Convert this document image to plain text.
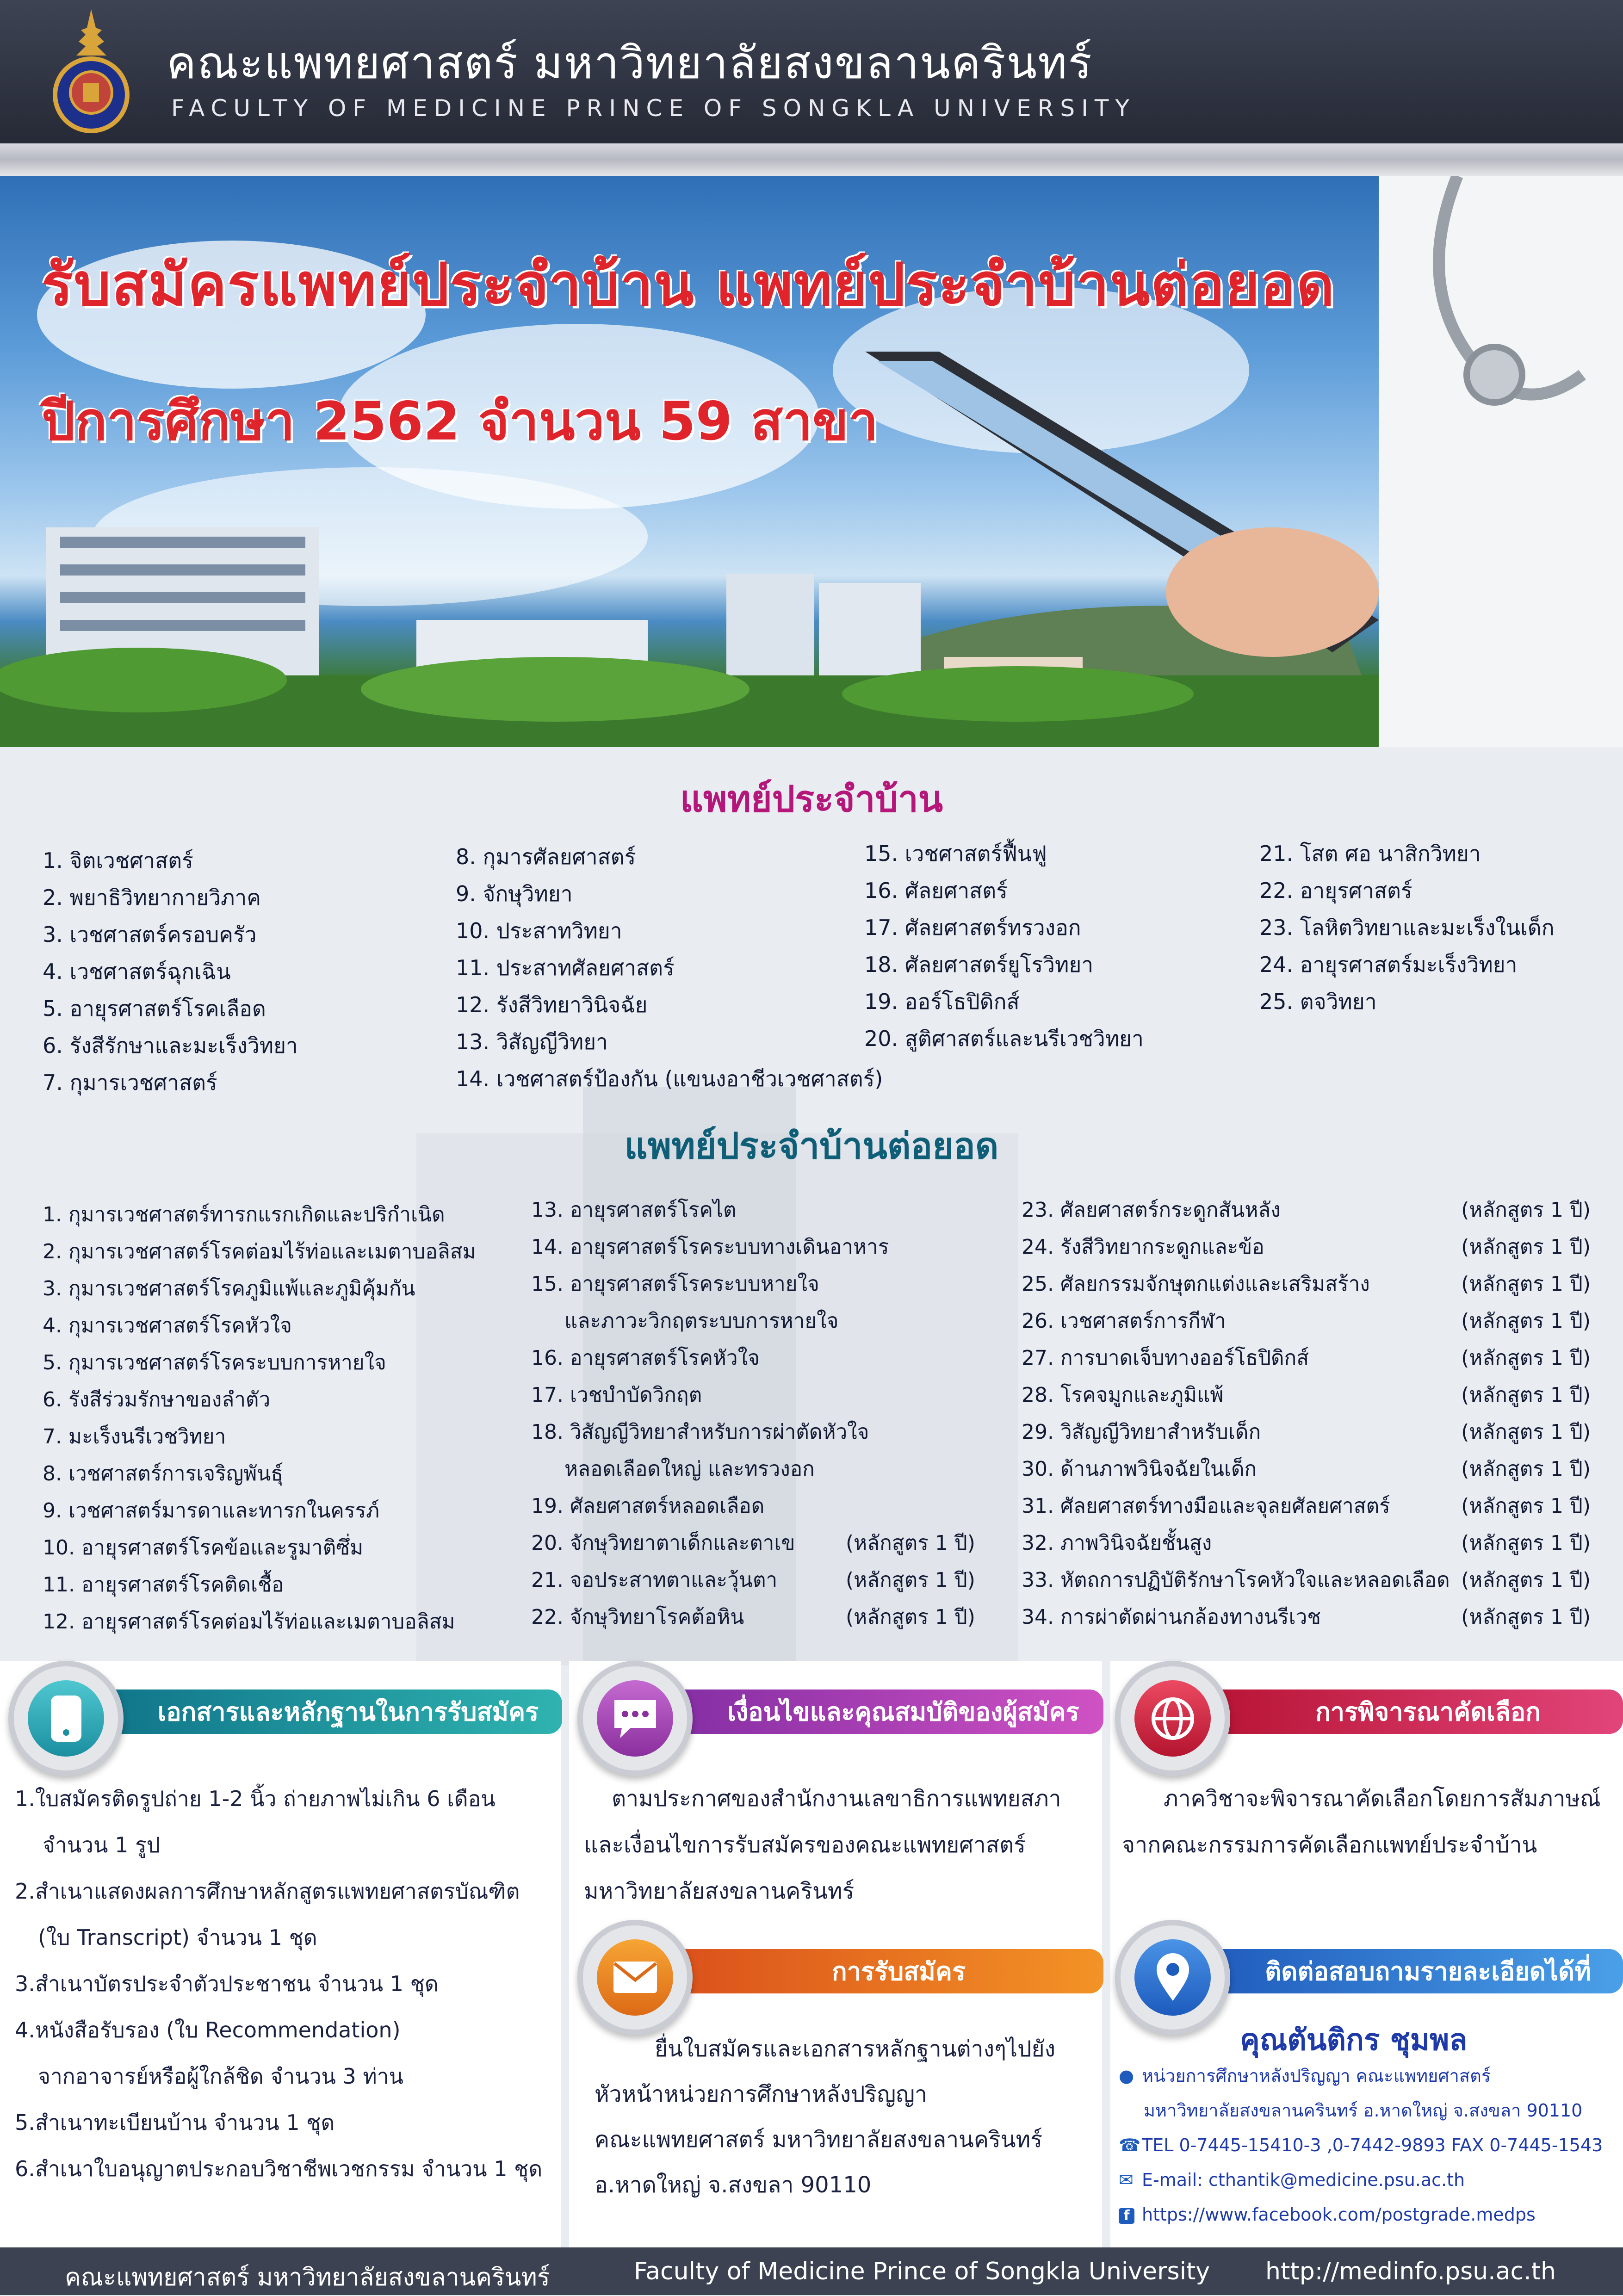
คณะแพทยศาสตร์ มหาวิทยาลัยสงขลานครินทร์
FACULTY OF MEDICINE PRINCE OF SONGKLA UNIVERSITY
รับสมัครแพทย์ประจำบ้าน แพทย์ประจำบ้านต่อยอด
ปีการศึกษา 2562 จำนวน 59 สาขา
แพทย์ประจำบ้าน
1. จิตเวชศาสตร์
2. พยาธิวิทยากายวิภาค
3. เวชศาสตร์ครอบครัว
4. เวชศาสตร์ฉุกเฉิน
5. อายุรศาสตร์โรคเลือด
6. รังสีรักษาและมะเร็งวิทยา
7. กุมารเวชศาสตร์
8. กุมารศัลยศาสตร์
9. จักษุวิทยา
10. ประสาทวิทยา
11. ประสาทศัลยศาสตร์
12. รังสีวิทยาวินิจฉัย
13. วิสัญญีวิทยา
14. เวชศาสตร์ป้องกัน (แขนงอาชีวเวชศาสตร์)
15. เวชศาสตร์ฟื้นฟู
16. ศัลยศาสตร์
17. ศัลยศาสตร์ทรวงอก
18. ศัลยศาสตร์ยูโรวิทยา
19. ออร์โธปิดิกส์
20. สูติศาสตร์และนรีเวชวิทยา
21. โสต ศอ นาสิกวิทยา
22. อายุรศาสตร์
23. โลหิตวิทยาและมะเร็งในเด็ก
24. อายุรศาสตร์มะเร็งวิทยา
25. ตจวิทยา
แพทย์ประจำบ้านต่อยอด
1. กุมารเวชศาสตร์ทารกแรกเกิดและปริกำเนิด
2. กุมารเวชศาสตร์โรคต่อมไร้ท่อและเมตาบอลิสม
3. กุมารเวชศาสตร์โรคภูมิแพ้และภูมิคุ้มกัน
4. กุมารเวชศาสตร์โรคหัวใจ
5. กุมารเวชศาสตร์โรคระบบการหายใจ
6. รังสีร่วมรักษาของลำตัว
7. มะเร็งนรีเวชวิทยา
8. เวชศาสตร์การเจริญพันธุ์
9. เวชศาสตร์มารดาและทารกในครรภ์
10. อายุรศาสตร์โรคข้อและรูมาติซึ่ม
11. อายุรศาสตร์โรคติดเชื้อ
12. อายุรศาสตร์โรคต่อมไร้ท่อและเมตาบอลิสม
13. อายุรศาสตร์โรคไต
14. อายุรศาสตร์โรคระบบทางเดินอาหาร
15. อายุรศาสตร์โรคระบบหายใจ
และภาวะวิกฤตระบบการหายใจ
16. อายุรศาสตร์โรคหัวใจ
17. เวชบำบัดวิกฤต
18. วิสัญญีวิทยาสำหรับการผ่าตัดหัวใจ
หลอดเลือดใหญ่ และทรวงอก
19. ศัลยศาสตร์หลอดเลือด
20. จักษุวิทยาตาเด็กและตาเข (หลักสูตร 1 ปี)
21. จอประสาทตาและวุ้นตา	(หลักสูตร 1 ปี)
22. จักษุวิทยาโรคต้อหิน	(หลักสูตร 1 ปี)
23. ศัลยศาสตร์กระดูกสันหลัง	(หลักสูตร 1 ปี)
24. รังสีวิทยากระดูกและข้อ	(หลักสูตร 1 ปี)
25. ศัลยกรรมจักษุตกแต่งและเสริมสร้าง	(หลักสูตร 1 ปี)
26. เวชศาสตร์การกีฬา	(หลักสูตร 1 ปี)
27. การบาดเจ็บทางออร์โธปิดิกส์	(หลักสูตร 1 ปี)
28. โรคจมูกและภูมิแพ้	(หลักสูตร 1 ปี)
29. วิสัญญีวิทยาสำหรับเด็ก	(หลักสูตร 1 ปี)
30. ด้านภาพวินิจฉัยในเด็ก	(หลักสูตร 1 ปี)
31. ศัลยศาสตร์ทางมือและจุลยศัลยศาสตร์	(หลักสูตร 1 ปี)
32. ภาพวินิจฉัยชั้นสูง	(หลักสูตร 1 ปี)
33. หัตถการปฏิบัติรักษาโรคหัวใจและหลอดเลือด (หลักสูตร 1 ปี)
34. การผ่าตัดผ่านกล้องทางนรีเวช	(หลักสูตร 1 ปี)
เอกสารและหลักฐานในการรับสมัคร
1.ใบสมัครติดรูปถ่าย 1-2 นิ้ว ถ่ายภาพไม่เกิน 6 เดือน
จำนวน 1 รูป
2.สำเนาแสดงผลการศึกษาหลักสูตรแพทยศาสตรบัณฑิต
(ใบ Transcript) จำนวน 1 ชุด
3.สำเนาบัตรประจำตัวประชาชน จำนวน 1 ชุด
4.หนังสือรับรอง (ใบ Recommendation)
จากอาจารย์หรือผู้ใกล้ชิด จำนวน 3 ท่าน
5.สำเนาทะเบียนบ้าน จำนวน 1 ชุด
6.สำเนาใบอนุญาตประกอบวิชาชีพเวชกรรม จำนวน 1 ชุด
เงื่อนไขและคุณสมบัติของผู้สมัคร
ตามประกาศของสำนักงานเลขาธิการแพทยสภา
และเงื่อนไขการรับสมัครของคณะแพทยศาสตร์
มหาวิทยาลัยสงขลานครินทร์
การพิจารณาคัดเลือก
ภาควิชาจะพิจารณาคัดเลือกโดยการสัมภาษณ์
จากคณะกรรมการคัดเลือกแพทย์ประจำบ้าน
การรับสมัคร
ยื่นใบสมัครและเอกสารหลักฐานต่างๆไปยัง
หัวหน้าหน่วยการศึกษาหลังปริญญา
คณะแพทยศาสตร์ มหาวิทยาลัยสงขลานครินทร์
อ.หาดใหญ่ จ.สงขลา 90110
ติดต่อสอบถามรายละเอียดได้ที่
คุณตันติกร ชุมพล
● หน่วยการศึกษาหลังปริญญา คณะแพทยศาสตร์
มหาวิทยาลัยสงขลานครินทร์ อ.หาดใหญ่ จ.สงขลา 90110
☎TEL 0-7445-15410-3 ,0-7442-9893 FAX 0-7445-1543
✉ E-mail: cthantik@medicine.psu.ac.th
f https://www.facebook.com/postgrade.medps
คณะแพทยศาสตร์ มหาวิทยาลัยสงขลานครินทร์	Faculty of Medicine Prince of Songkla University http://medinfo.psu.ac.th
